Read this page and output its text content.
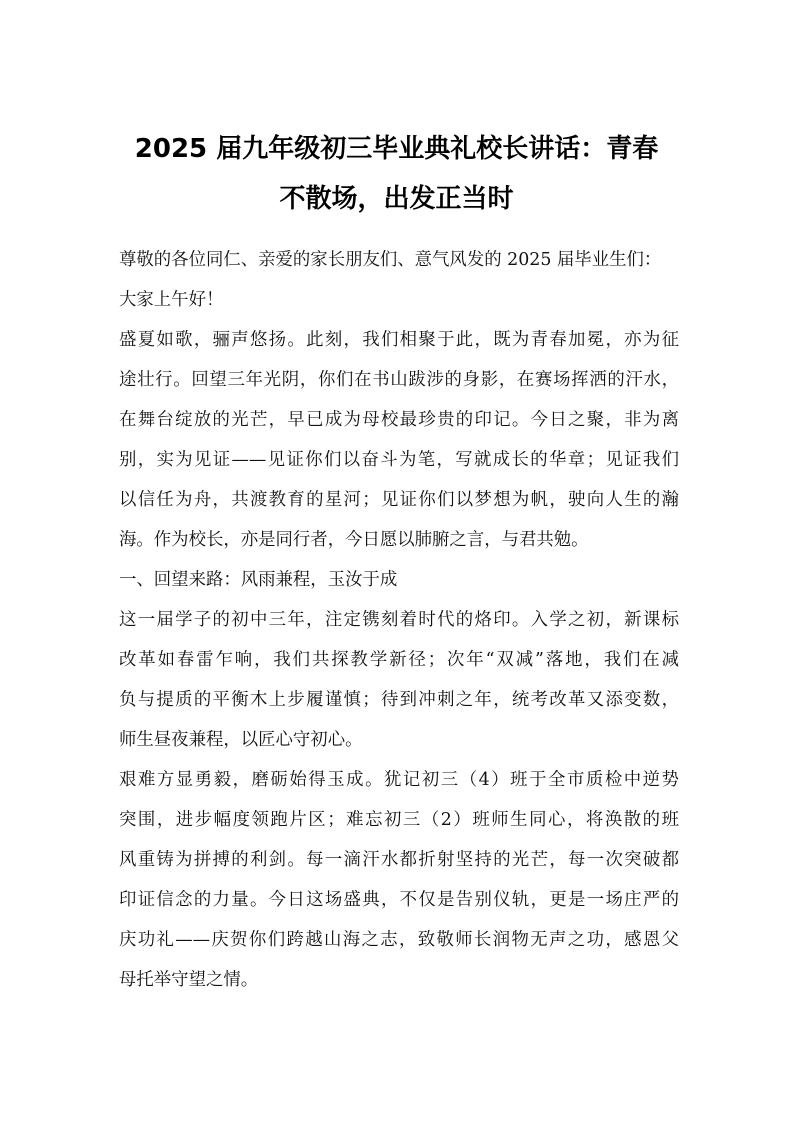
2025 届九年级初三毕业典礼校长讲话：青春
不散场，出发正当时

尊敬的各位同仁、亲爱的家长朋友们、意气风发的 2025 届毕业生们：

大家上午好！

盛夏如歌，骊声悠扬。此刻，我们相聚于此，既为青春加冕，亦为征
途壮行。回望三年光阴，你们在书山跋涉的身影，在赛场挥洒的汗水，
在舞台绽放的光芒，早已成为母校最珍贵的印记。今日之聚，非为离
别，实为见证——见证你们以奋斗为笔，写就成长的华章；见证我们
以信任为舟，共渡教育的星河；见证你们以梦想为帆，驶向人生的瀚
海。作为校长，亦是同行者，今日愿以肺腑之言，与君共勉。

一、回望来路：风雨兼程，玉汝于成

这一届学子的初中三年，注定镌刻着时代的烙印。入学之初，新课标
改革如春雷乍响，我们共探教学新径；次年“双减”落地，我们在减
负与提质的平衡木上步履谨慎；待到冲刺之年，统考改革又添变数，
师生昼夜兼程，以匠心守初心。

艰难方显勇毅，磨砺始得玉成。犹记初三（4）班于全市质检中逆势
突围，进步幅度领跑片区；难忘初三（2）班师生同心，将涣散的班
风重铸为拼搏的利剑。每一滴汗水都折射坚持的光芒，每一次突破都
印证信念的力量。今日这场盛典，不仅是告别仪轨，更是一场庄严的
庆功礼——庆贺你们跨越山海之志，致敬师长润物无声之功，感恩父
母托举守望之情。
